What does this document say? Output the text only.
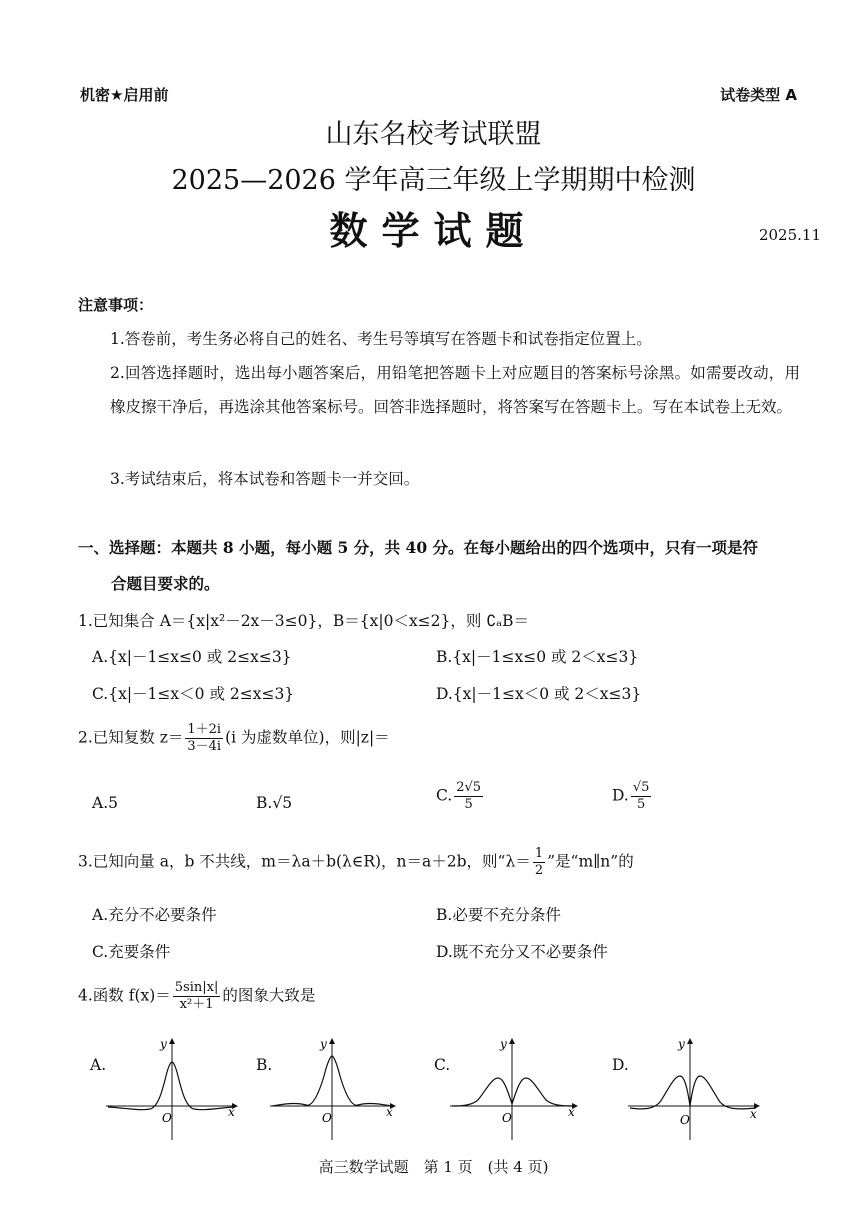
机密★启用前	试卷类型 A
山东名校考试联盟
2025—2026 学年高三年级上学期期中检测
数学试题	2025.11
注意事项：
1.答卷前，考生务必将自己的姓名、考生号等填写在答题卡和试卷指定位置上。
2.回答选择题时，选出每小题答案后，用铅笔把答题卡上对应题目的答案标号涂黑。如需要改动，用橡皮擦干净后，再选涂其他答案标号。回答非选择题时，将答案写在答题卡上。写在本试卷上无效。
3.考试结束后，将本试卷和答题卡一并交回。
一、选择题：本题共 8 小题，每小题 5 分，共 40 分。在每小题给出的四个选项中，只有一项是符
合题目要求的。
1.已知集合 A＝{x|x²－2x－3≤0}，B＝{x|0＜x≤2}，则 ∁ₐB＝
A.{x|－1≤x≤0 或 2≤x≤3}	B.{x|－1≤x≤0 或 2＜x≤3}
C.{x|－1≤x＜0 或 2≤x≤3}	D.{x|－1≤x＜0 或 2＜x≤3}
2.已知复数 $z= \frac{1+2i}{3-4i} (i$ 为虚数单位)，则|z|＝
A.5	B.√5	C. $\frac{2√5}{5}$	D. $\frac{√5}{5}$
3.已知向量 a，b 不共线，m＝λa＋b(λ∈R)，n＝a＋2b，则“$\lambda= \frac{1}{2}$ ”是“m∥n”的
A.充分不必要条件	B.必要不充分条件
C.充要条件	D.既不充分又不必要条件
4.函数 $f(x)= \frac{5\sin|x|}{\text{x²＋1}}$ 的图象大致是
A.
x
y
O
B.
x
y
O
C.
x
y
O
D.
x
y
O
高三数学试题　第 1 页　(共 4 页)
